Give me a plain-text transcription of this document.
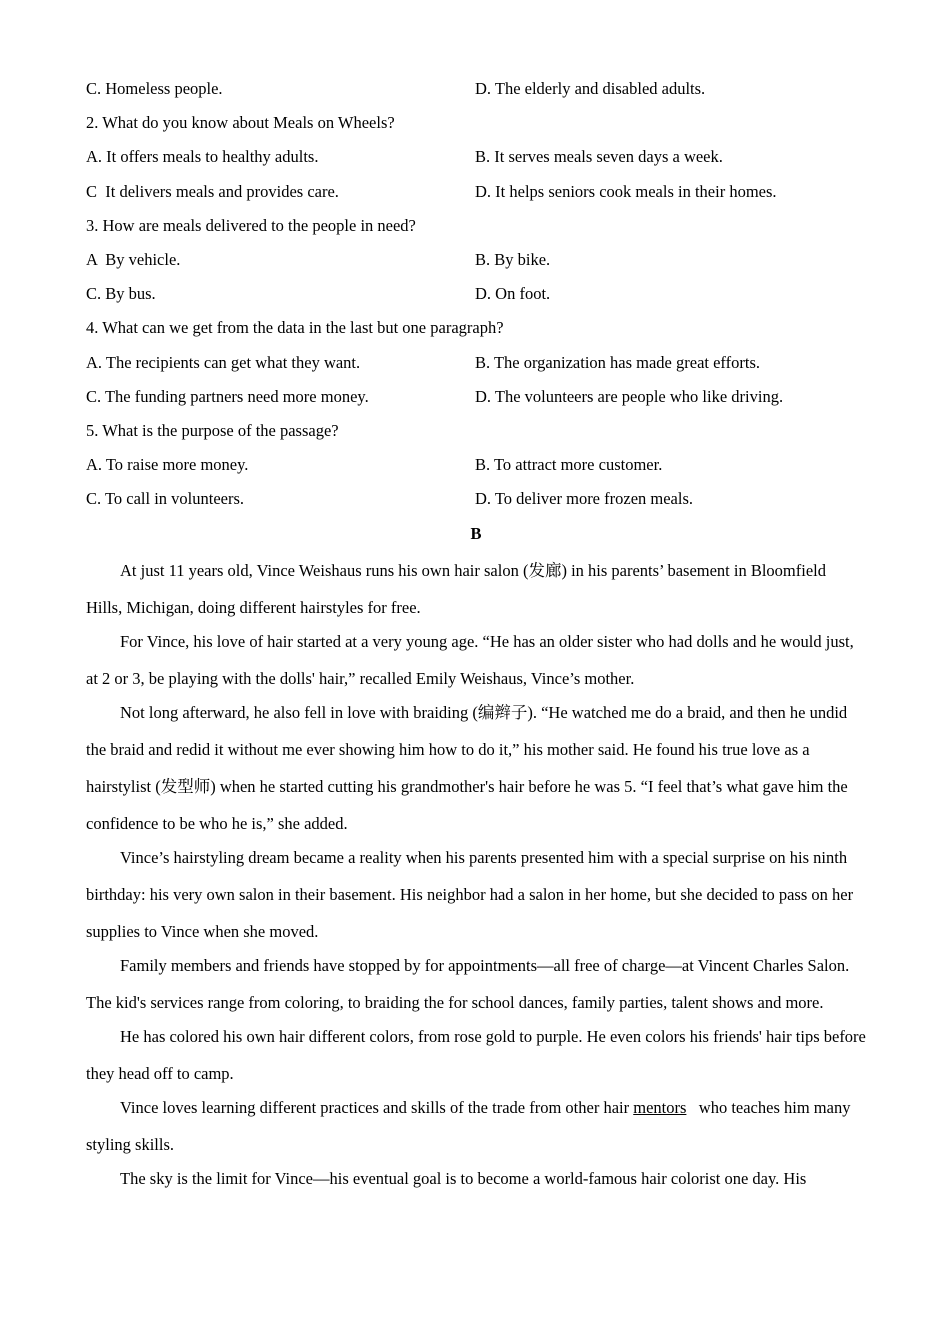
C. Homeless people.	D. The elderly and disabled adults.
2. What do you know about Meals on Wheels?
A. It offers meals to healthy adults.	B. It serves meals seven days a week.
C  It delivers meals and provides care.	D. It helps seniors cook meals in their homes.
3. How are meals delivered to the people in need?
A  By vehicle.	B. By bike.
C. By bus.	D. On foot.
4. What can we get from the data in the last but one paragraph?
A. The recipients can get what they want.	B. The organization has made great efforts.
C. The funding partners need more money.	D. The volunteers are people who like driving.
5. What is the purpose of the passage?
A. To raise more money.	B. To attract more customer.
C. To call in volunteers.	D. To deliver more frozen meals.
B

At just 11 years old, Vince Weishaus runs his own hair salon (发廊) in his parents’ basement in Bloomfield Hills, Michigan, doing different hairstyles for free.

For Vince, his love of hair started at a very young age. “He has an older sister who had dolls and he would just, at 2 or 3, be playing with the dolls' hair,” recalled Emily Weishaus, Vince’s mother.

Not long afterward, he also fell in love with braiding (编辫子). “He watched me do a braid, and then he undid the braid and redid it without me ever showing him how to do it,” his mother said. He found his true love as a hairstylist (发型师) when he started cutting his grandmother's hair before he was 5. “I feel that’s what gave him the confidence to be who he is,” she added.

Vince’s hairstyling dream became a reality when his parents presented him with a special surprise on his ninth birthday: his very own salon in their basement. His neighbor had a salon in her home, but she decided to pass on her supplies to Vince when she moved.

Family members and friends have stopped by for appointments—all free of charge—at Vincent Charles Salon. The kid's services range from coloring, to braiding the for school dances, family parties, talent shows and more.

He has colored his own hair different colors, from rose gold to purple. He even colors his friends' hair tips before they head off to camp.

Vince loves learning different practices and skills of the trade from other hair mentors   who teaches him many styling skills.

The sky is the limit for Vince—his eventual goal is to become a world-famous hair colorist one day. His
